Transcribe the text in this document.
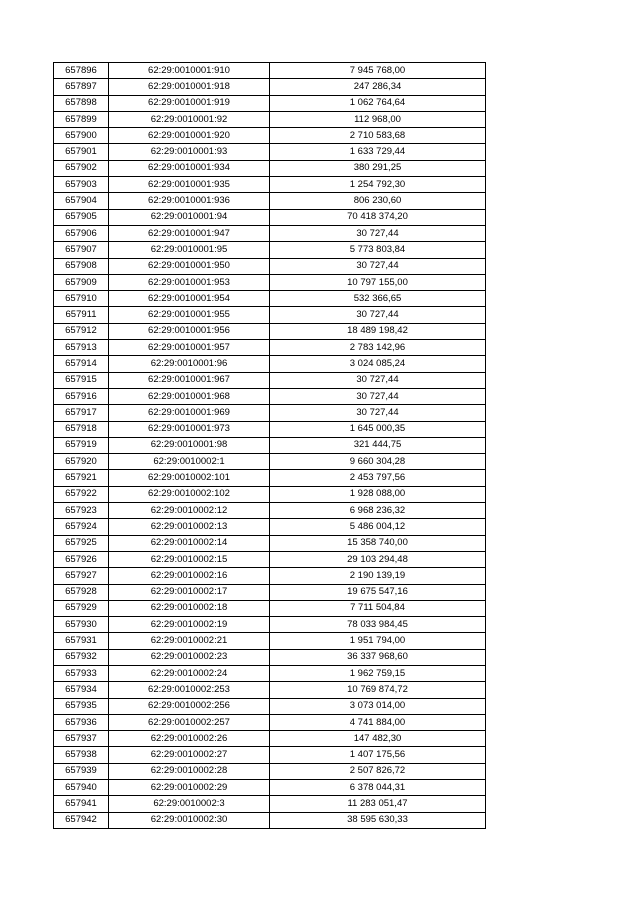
657896	62:29:0010001:910	7 945 768,00
657897	62:29:0010001:918	247 286,34
657898	62:29:0010001:919	1 062 764,64
657899	62:29:0010001:92	112 968,00
657900	62:29:0010001:920	2 710 583,68
657901	62:29:0010001:93	1 633 729,44
657902	62:29:0010001:934	380 291,25
657903	62:29:0010001:935	1 254 792,30
657904	62:29:0010001:936	806 230,60
657905	62:29:0010001:94	70 418 374,20
657906	62:29:0010001:947	30 727,44
657907	62:29:0010001:95	5 773 803,84
657908	62:29:0010001:950	30 727,44
657909	62:29:0010001:953	10 797 155,00
657910	62:29:0010001:954	532 366,65
657911	62:29:0010001:955	30 727,44
657912	62:29:0010001:956	18 489 198,42
657913	62:29:0010001:957	2 783 142,96
657914	62:29:0010001:96	3 024 085,24
657915	62:29:0010001:967	30 727,44
657916	62:29:0010001:968	30 727,44
657917	62:29:0010001:969	30 727,44
657918	62:29:0010001:973	1 645 000,35
657919	62:29:0010001:98	321 444,75
657920	62:29:0010002:1	9 660 304,28
657921	62:29:0010002:101	2 453 797,56
657922	62:29:0010002:102	1 928 088,00
657923	62:29:0010002:12	6 968 236,32
657924	62:29:0010002:13	5 486 004,12
657925	62:29:0010002:14	15 358 740,00
657926	62:29:0010002:15	29 103 294,48
657927	62:29:0010002:16	2 190 139,19
657928	62:29:0010002:17	19 675 547,16
657929	62:29:0010002:18	7 711 504,84
657930	62:29:0010002:19	78 033 984,45
657931	62:29:0010002:21	1 951 794,00
657932	62:29:0010002:23	36 337 968,60
657933	62:29:0010002:24	1 962 759,15
657934	62:29:0010002:253	10 769 874,72
657935	62:29:0010002:256	3 073 014,00
657936	62:29:0010002:257	4 741 884,00
657937	62:29:0010002:26	147 482,30
657938	62:29:0010002:27	1 407 175,56
657939	62:29:0010002:28	2 507 826,72
657940	62:29:0010002:29	6 378 044,31
657941	62:29:0010002:3	11 283 051,47
657942	62:29:0010002:30	38 595 630,33
